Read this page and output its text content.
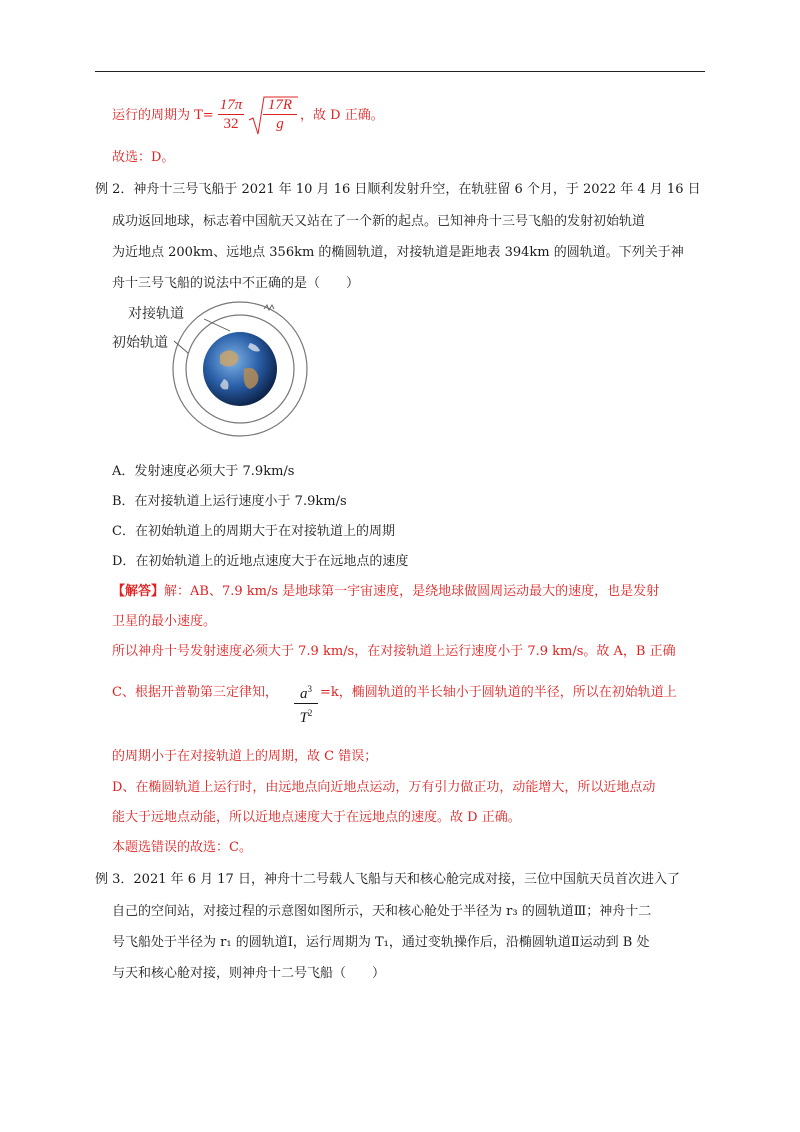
运行的周期为 T=
17π
32
17R
g
，故 D 正确。
故选：D。
例 2．神舟十三号飞船于 2021 年 10 月 16 日顺利发射升空，在轨驻留 6 个月，于 2022 年 4 月 16 日
成功返回地球，标志着中国航天又站在了一个新的起点。已知神舟十三号飞船的发射初始轨道
为近地点 200km、远地点 356km 的椭圆轨道，对接轨道是距地表 394km 的圆轨道。下列关于神
舟十三号飞船的说法中不正确的是（　　）
对接轨道
初始轨道
A．发射速度必须大于 7.9km/s
B．在对接轨道上运行速度小于 7.9km/s
C．在初始轨道上的周期大于在对接轨道上的周期
D．在初始轨道上的近地点速度大于在远地点的速度
【解答】解：AB、7.9 km/s 是地球第一宇宙速度，是绕地球做圆周运动最大的速度，也是发射
卫星的最小速度。
所以神舟十号发射速度必须大于 7.9 km/s，在对接轨道上运行速度小于 7.9 km/s。故 A，B 正确
C、根据开普勒第三定律知，	$a^3$
$T^2$
=k，椭圆轨道的半长轴小于圆轨道的半径，所以在初始轨道上
的周期小于在对接轨道上的周期，故 C 错误；
D、在椭圆轨道上运行时，由远地点向近地点运动，万有引力做正功，动能增大，所以近地点动
能大于远地点动能，所以近地点速度大于在远地点的速度。故 D 正确。
本题选错误的故选：C。
例 3．2021 年 6 月 17 日，神舟十二号载人飞船与天和核心舱完成对接，三位中国航天员首次进入了
自己的空间站，对接过程的示意图如图所示，天和核心舱处于半径为 r₃ 的圆轨道Ⅲ；神舟十二
号飞船处于半径为 r₁ 的圆轨道Ⅰ，运行周期为 T₁，通过变轨操作后，沿椭圆轨道Ⅱ运动到 B 处
与天和核心舱对接，则神舟十二号飞船（　　）
